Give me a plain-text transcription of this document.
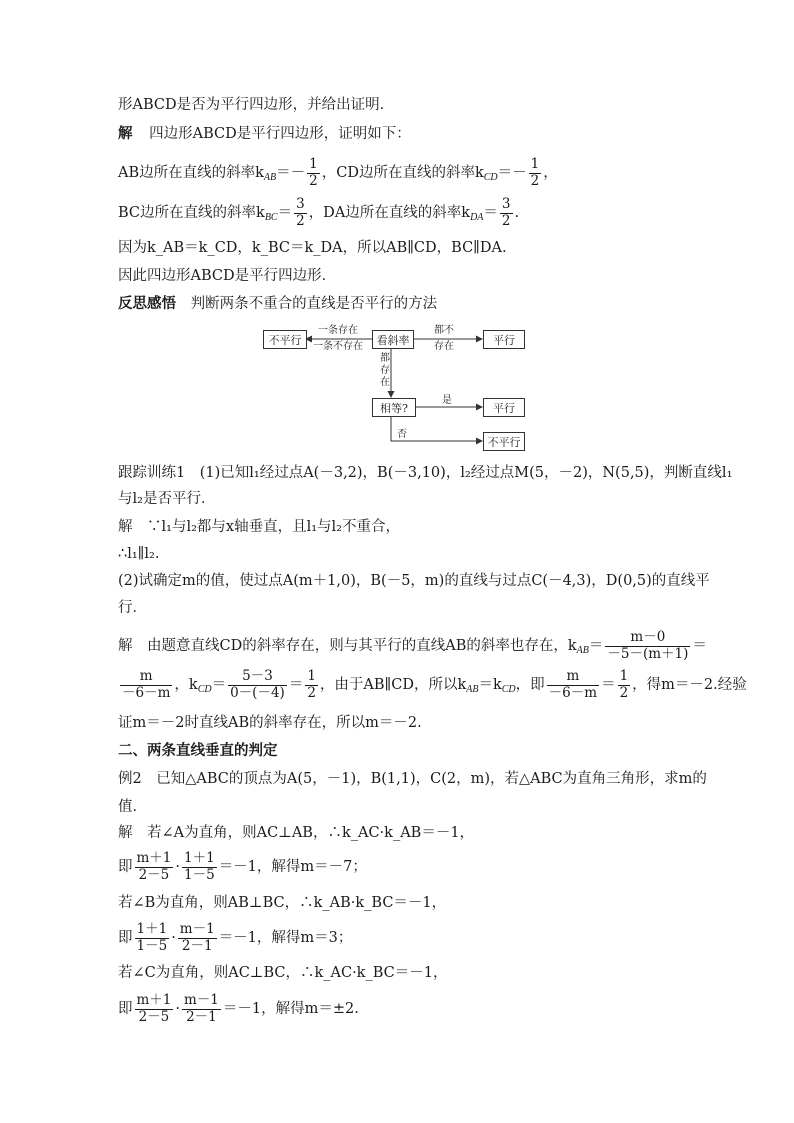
形ABCD是否为平行四边形，并给出证明．
解 四边形ABCD是平行四边形，证明如下：
AB边所在直线的斜率$k_{AB}=- \frac{1}{2}$ ，CD边所在直线的斜率$k_{CD}=- \frac{1}{2}$ ，
BC边所在直线的斜率$k_{BC}= \frac{3}{2}$ ，DA边所在直线的斜率$k_{DA}= \frac{3}{2}$ .
因为k_AB＝k_CD，k_BC＝k_DA，所以AB∥CD，BC∥DA.
因此四边形ABCD是平行四边形．
反思感悟 判断两条不重合的直线是否平行的方法
不平行	看斜率	平行
相等?	平行
不平行
一条存在
一条不存在
都不
存在
都
存
在
是
否
跟踪训练1　(1)已知l₁经过点A(－3,2)，B(－3,10)，l₂经过点M(5，－2)，N(5,5)，判断直线l₁
与l₂是否平行．
解　∵l₁与l₂都与x轴垂直，且l₁与l₂不重合，
∴l₁∥l₂.
(2)试确定m的值，使过点A(m＋1,0)，B(－5，m)的直线与过点C(－4,3)，D(0,5)的直线平
行．
解　由题意直线CD的斜率存在，则与其平行的直线AB的斜率也存在，$k_{AB}= \frac{m-0}{-5-(m+1)}$ ＝
$\frac{m}{-6-m}$ ，$k_{CD}= \frac{5-3}{0-(-4)} = \frac{1}{2}$ ，由于AB∥CD，所以$k_{AB}=k_{CD}$，即 $\frac{m}{-6-m} = \frac{1}{2}$ ，得m＝－2.经验
证m＝－2时直线AB的斜率存在，所以m＝－2.
二、两条直线垂直的判定
例2　已知△ABC的顶点为A(5，－1)，B(1,1)，C(2，m)，若△ABC为直角三角形，求m的
值．
解　若∠A为直角，则AC⊥AB，∴k_AC·k_AB＝－1，
即 $\frac{m+1}{2-5} \cdot \frac{1+1}{1-5} =-1$，解得m＝－7；
若∠B为直角，则AB⊥BC，∴k_AB·k_BC＝－1，
即 $\frac{1+1}{1-5} \cdot \frac{m-1}{2-1} =-1$，解得m＝3；
若∠C为直角，则AC⊥BC，∴k_AC·k_BC＝－1，
即 $\frac{m+1}{2-5} \cdot \frac{m-1}{2-1} =-1$，解得m＝±2.
